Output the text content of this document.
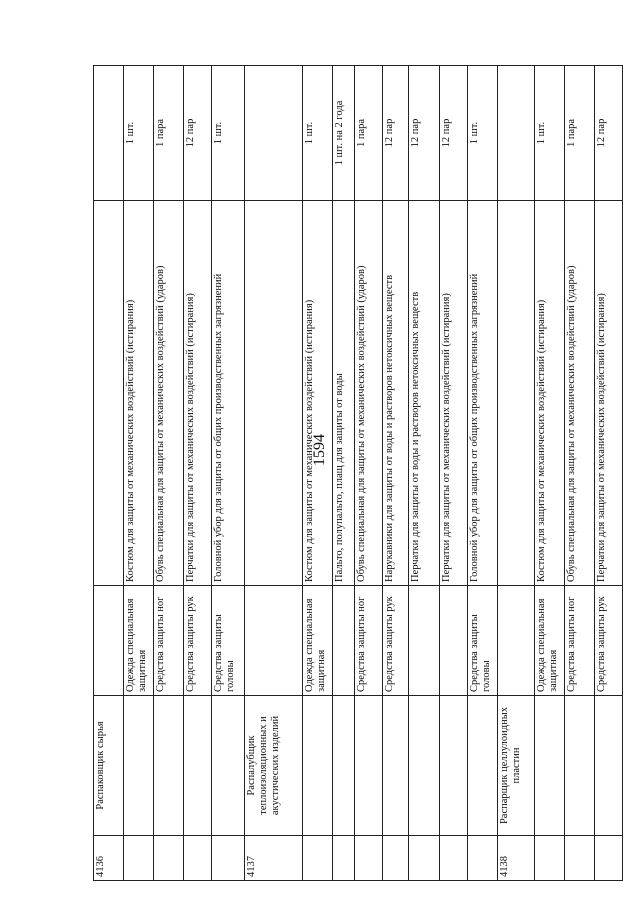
1594
4136	Распаковщик сырья			
		Одежда специальная защитная	Костюм для защиты от механических воздействий (истирания)	1 шт.
		Средства защиты ног	Обувь специальная для защиты от механических воздействий (ударов)	1 пара
		Средства защиты рук	Перчатки для защиты от механических воздействий (истирания)	12 пар
		Средства защиты головы	Головной убор для защиты от общих производственных загрязнений	1 шт.
4137	Распалубщик теплоизоляционных и акустических изделий			
		Одежда специальная защитная	Костюм для защиты от механических воздействий (истирания)	1 шт.
			Пальто, полупальто, плащ для защиты от воды	1 шт. на 2 года
		Средства защиты ног	Обувь специальная для защиты от механических воздействий (ударов)	1 пара
		Средства защиты рук	Нарукавники для защиты от воды и растворов нетоксичных веществ	12 пар
			Перчатки для защиты от воды и растворов нетоксичных веществ	12 пар
			Перчатки для защиты от механических воздействий (истирания)	12 пар
		Средства защиты головы	Головной убор для защиты от общих производственных загрязнений	1 шт.
4138	Распарщик целлулоидных пластин			
		Одежда специальная защитная	Костюм для защиты от механических воздействий (истирания)	1 шт.
		Средства защиты ног	Обувь специальная для защиты от механических воздействий (ударов)	1 пара
		Средства защиты рук	Перчатки для защиты от механических воздействий (истирания)	12 пар
